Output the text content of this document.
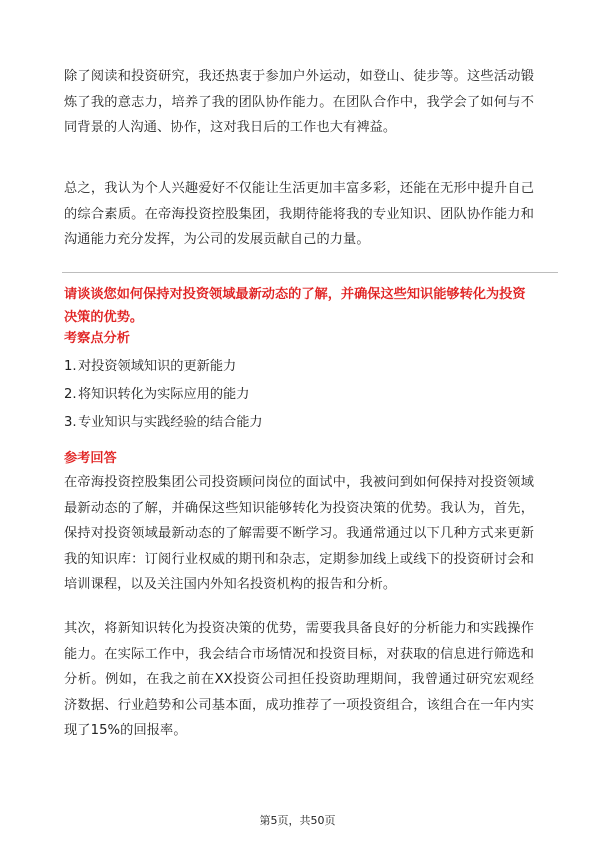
除了阅读和投资研究，我还热衷于参加户外运动，如登山、徒步等。这些活动锻炼了我的意志力，培养了我的团队协作能力。在团队合作中，我学会了如何与不同背景的人沟通、协作，这对我日后的工作也大有裨益。

总之，我认为个人兴趣爱好不仅能让生活更加丰富多彩，还能在无形中提升自己的综合素质。在帝海投资控股集团，我期待能将我的专业知识、团队协作能力和沟通能力充分发挥，为公司的发展贡献自己的力量。

请谈谈您如何保持对投资领域最新动态的了解，并确保这些知识能够转化为投资决策的优势。

考察点分析

1. 对投资领域知识的更新能力
2. 将知识转化为实际应用的能力
3. 专业知识与实践经验的结合能力

参考回答

在帝海投资控股集团公司投资顾问岗位的面试中，我被问到如何保持对投资领域最新动态的了解，并确保这些知识能够转化为投资决策的优势。我认为，首先，保持对投资领域最新动态的了解需要不断学习。我通常通过以下几种方式来更新我的知识库：订阅行业权威的期刊和杂志，定期参加线上或线下的投资研讨会和培训课程，以及关注国内外知名投资机构的报告和分析。

其次，将新知识转化为投资决策的优势，需要我具备良好的分析能力和实践操作能力。在实际工作中，我会结合市场情况和投资目标，对获取的信息进行筛选和分析。例如，在我之前在XX投资公司担任投资助理期间，我曾通过研究宏观经济数据、行业趋势和公司基本面，成功推荐了一项投资组合，该组合在一年内实现了15%的回报率。

第5页，共50页
